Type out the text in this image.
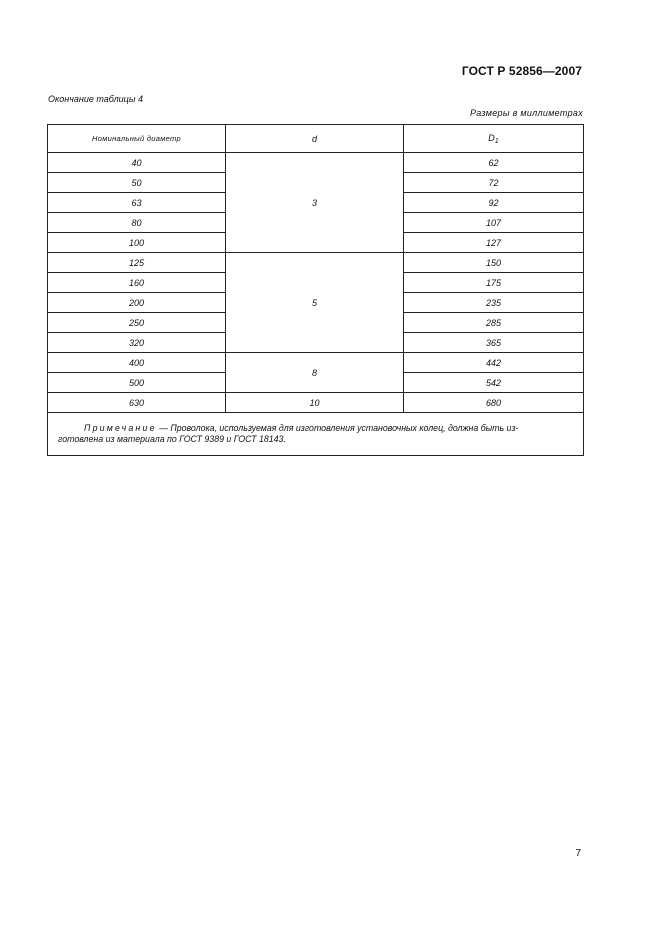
ГОСТ Р 52856—2007
Окончание таблицы 4
Размеры в миллиметрах
Номинальный диаметр	d	$D_1$
40	3	62
50		72
63		92
80		107
100		127
125	5	150
160		175
200		235
250		285
320		365
400	8	442
500		542
630	10	680
Примечание — Проволока, используемая для изготовления установочных колец, должна быть из-
готовлена из материала по ГОСТ 9389 и ГОСТ 18143.		
7
